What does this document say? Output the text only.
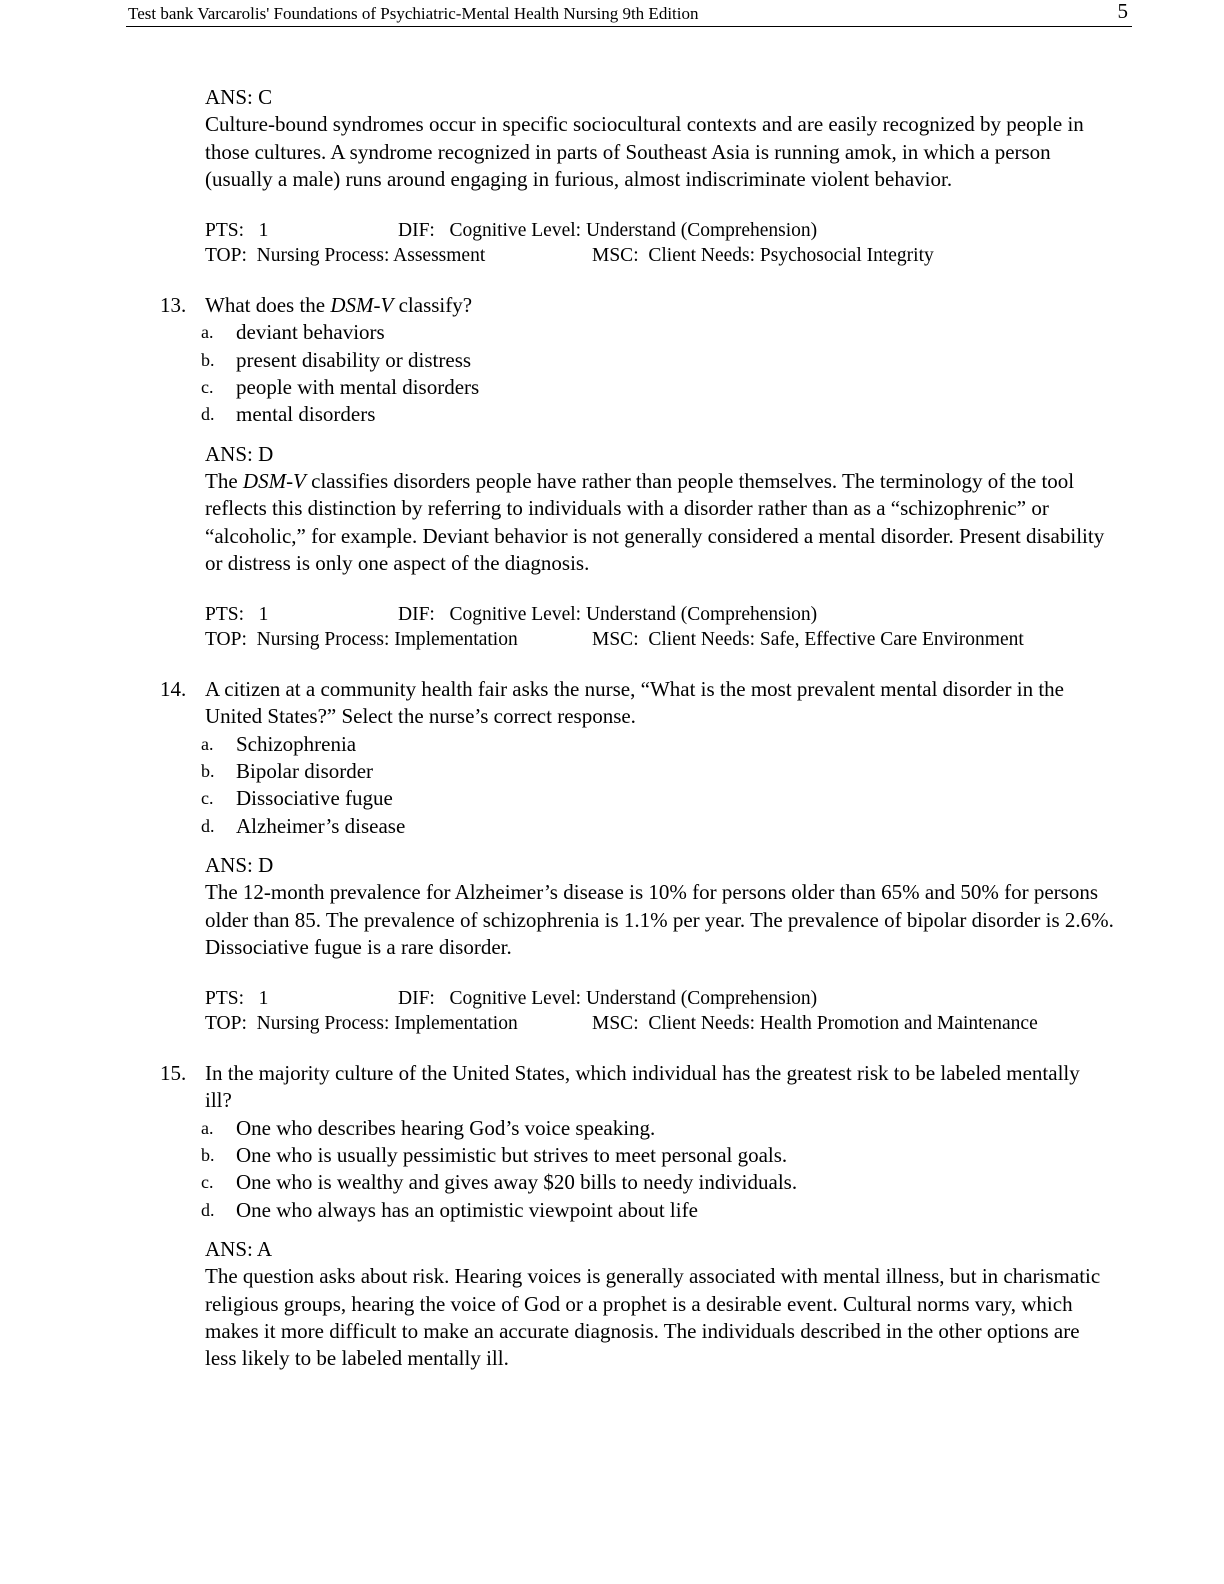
Test bank Varcarolis' Foundations of Psychiatric-Mental Health Nursing 9th Edition	5
ANS: C
Culture-bound syndromes occur in specific sociocultural contexts and are easily recognized by people in those cultures. A syndrome recognized in parts of Southeast Asia is running amok, in which a person (usually a male) runs around engaging in furious, almost indiscriminate violent behavior.
PTS: 1	DIF: Cognitive Level: Understand (Comprehension)
TOP: Nursing Process: Assessment	MSC: Client Needs: Psychosocial Integrity
13. What does the DSM-V classify?
a. deviant behaviors
b. present disability or distress
c. people with mental disorders
d. mental disorders
ANS: D
The DSM-V classifies disorders people have rather than people themselves. The terminology of the tool reflects this distinction by referring to individuals with a disorder rather than as a “schizophrenic” or “alcoholic,” for example. Deviant behavior is not generally considered a mental disorder. Present disability or distress is only one aspect of the diagnosis.
PTS: 1	DIF: Cognitive Level: Understand (Comprehension)
TOP: Nursing Process: Implementation	MSC: Client Needs: Safe, Effective Care Environment
14. A citizen at a community health fair asks the nurse, “What is the most prevalent mental disorder in the United States?” Select the nurse’s correct response.
a. Schizophrenia
b. Bipolar disorder
c. Dissociative fugue
d. Alzheimer’s disease
ANS: D
The 12-month prevalence for Alzheimer’s disease is 10% for persons older than 65% and 50% for persons older than 85. The prevalence of schizophrenia is 1.1% per year. The prevalence of bipolar disorder is 2.6%. Dissociative fugue is a rare disorder.
PTS: 1	DIF: Cognitive Level: Understand (Comprehension)
TOP: Nursing Process: Implementation	MSC: Client Needs: Health Promotion and Maintenance
15. In the majority culture of the United States, which individual has the greatest risk to be labeled mentally ill?
a. One who describes hearing God’s voice speaking.
b. One who is usually pessimistic but strives to meet personal goals.
c. One who is wealthy and gives away $20 bills to needy individuals.
d. One who always has an optimistic viewpoint about life
ANS: A
The question asks about risk. Hearing voices is generally associated with mental illness, but in charismatic religious groups, hearing the voice of God or a prophet is a desirable event. Cultural norms vary, which makes it more difficult to make an accurate diagnosis. The individuals described in the other options are less likely to be labeled mentally ill.
